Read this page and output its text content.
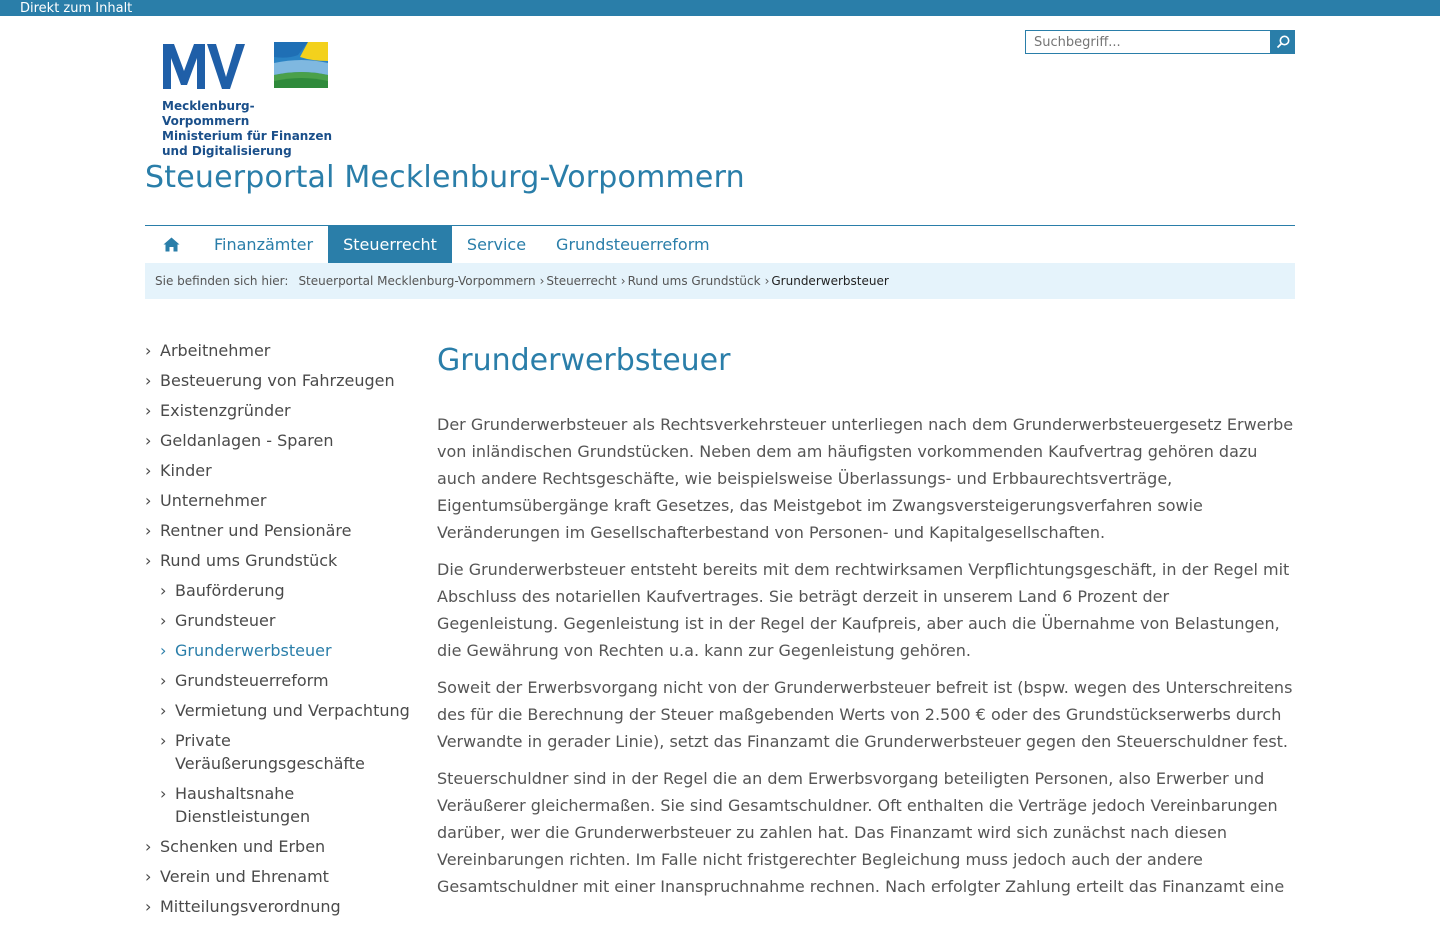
Direkt zum Inhalt
Mecklenburg-Vorpommern
Ministerium für Finanzen
und Digitalisierung
Steuerportal Mecklenburg-Vorpommern
Suchbegriff...
Finanzämter	Steuerrecht	Service	Grundsteuerreform
Sie befinden sich hier: Steuerportal Mecklenburg-Vorpommern › Steuerrecht › Rund ums Grundstück › Grunderwerbsteuer
› Arbeitnehmer
› Besteuerung von Fahrzeugen
› Existenzgründer
› Geldanlagen - Sparen
› Kinder
› Unternehmer
› Rentner und Pensionäre
› Rund ums Grundstück
› Bauförderung
› Grundsteuer
› Grunderwerbsteuer
› Grundsteuerreform
› Vermietung und Verpachtung
› Private Veräußerungsgeschäfte
› Haushaltsnahe Dienstleistungen
› Schenken und Erben
› Verein und Ehrenamt
› Mitteilungsverordnung
Grunderwerbsteuer

Der Grunderwerbsteuer als Rechtsverkehrsteuer unterliegen nach dem Grunderwerbsteuergesetz Erwerbe von inländischen Grundstücken. Neben dem am häufigsten vorkommenden Kaufvertrag gehören dazu auch andere Rechtsgeschäfte, wie beispielsweise Überlassungs- und Erbbaurechtsverträge, Eigentumsübergänge kraft Gesetzes, das Meistgebot im Zwangsversteigerungsverfahren sowie Veränderungen im Gesellschafterbestand von Personen- und Kapitalgesellschaften.

Die Grunderwerbsteuer entsteht bereits mit dem rechtwirksamen Verpflichtungsgeschäft, in der Regel mit Abschluss des notariellen Kaufvertrages. Sie beträgt derzeit in unserem Land 6 Prozent der Gegenleistung. Gegenleistung ist in der Regel der Kaufpreis, aber auch die Übernahme von Belastungen, die Gewährung von Rechten u.a. kann zur Gegenleistung gehören.

Soweit der Erwerbsvorgang nicht von der Grunderwerbsteuer befreit ist (bspw. wegen des Unterschreitens des für die Berechnung der Steuer maßgebenden Werts von 2.500 € oder des Grundstückserwerbs durch Verwandte in gerader Linie), setzt das Finanzamt die Grunderwerbsteuer gegen den Steuerschuldner fest.

Steuerschuldner sind in der Regel die an dem Erwerbsvorgang beteiligten Personen, also Erwerber und Veräußerer gleichermaßen. Sie sind Gesamtschuldner. Oft enthalten die Verträge jedoch Vereinbarungen darüber, wer die Grunderwerbsteuer zu zahlen hat. Das Finanzamt wird sich zunächst nach diesen Vereinbarungen richten. Im Falle nicht fristgerechter Begleichung muss jedoch auch der andere Gesamtschuldner mit einer Inanspruchnahme rechnen. Nach erfolgter Zahlung erteilt das Finanzamt eine
